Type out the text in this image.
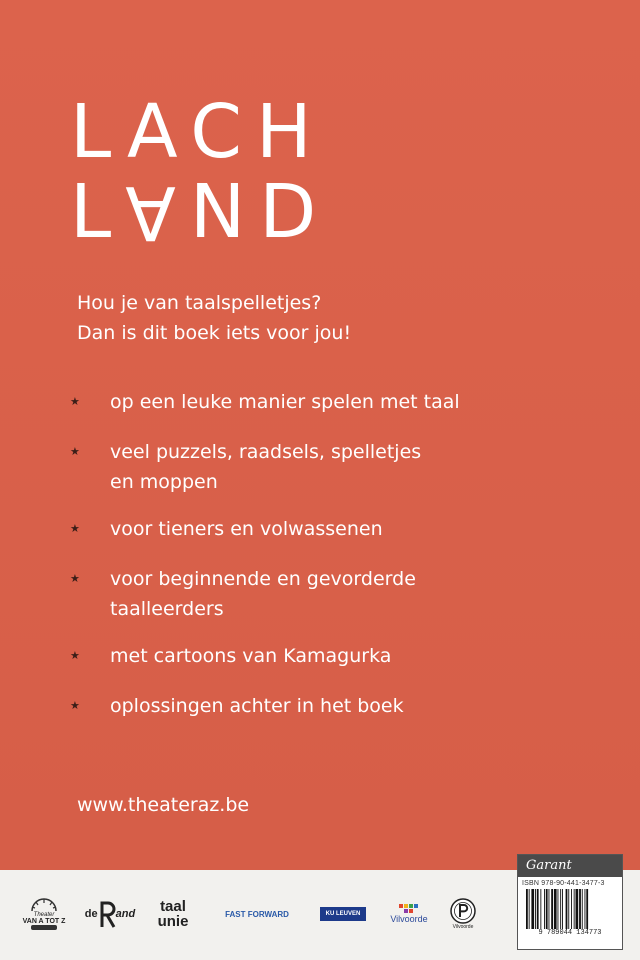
LACH
LAND

Hou je van taalspelletjes?

Dan is dit boek iets voor jou!

★ op een leuke manier spelen met taal
★ veel puzzels, raadsels, spelletjes
en moppen
★ voor tieners en volwassenen
★ voor beginnende en gevorderde
taalleerders
★ met cartoons van Kamagurka
★ oplossingen achter in het boek
www.theateraz.be
Theater
VAN A TOT Z
de and taal
unie	FAST FORWARD	KU LEUVEN	Vilvoorde
Vilvoorde
Garant
ISBN 978-90-441-3477-3
9 789044 134773
